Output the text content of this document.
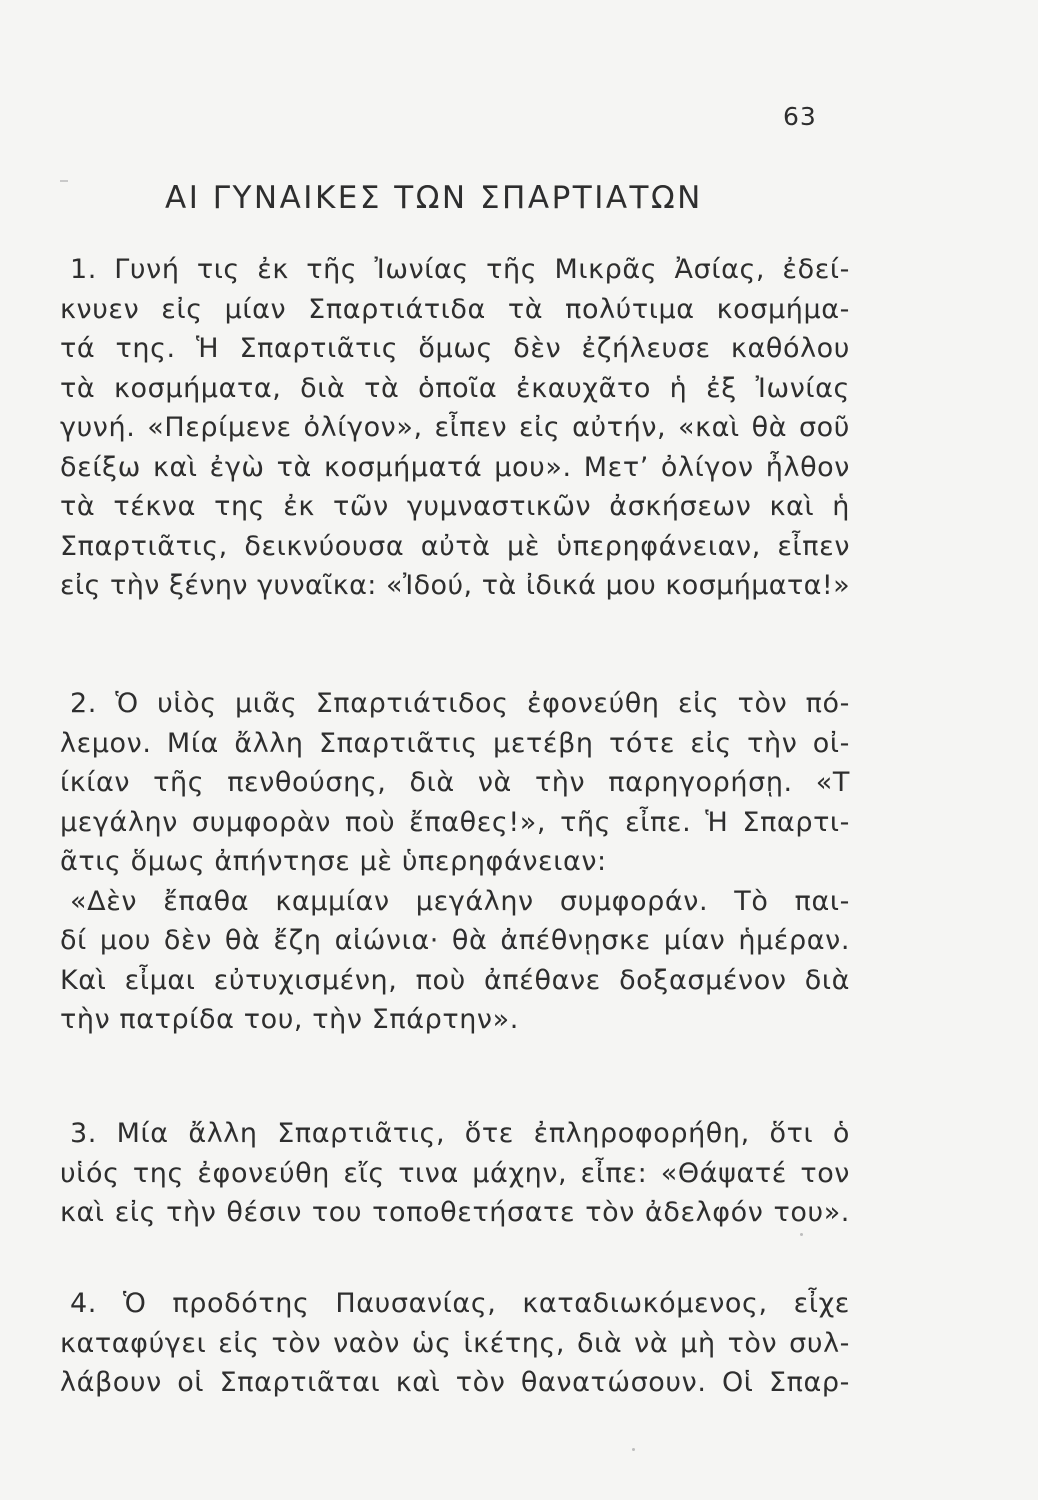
63
ΑΙ ΓΥΝΑΙΚΕΣ ΤΩΝ ΣΠΑΡΤΙΑΤΩΝ
1. Γυνή τις ἐκ τῆς Ἰωνίας τῆς Μικρᾶς Ἀσίας, ἐδεί-
κνυεν εἰς μίαν Σπαρτιάτιδα τὰ πολύτιμα κοσμήμα-
τά της. Ἡ Σπαρτιᾶτις ὅμως δὲν ἐζήλευσε καθόλου
τὰ κοσμήματα, διὰ τὰ ὁποῖα ἐκαυχᾶτο ἡ ἐξ Ἰωνίας
γυνή. «Περίμενε ὀλίγον», εἶπεν εἰς αὐτήν, «καὶ θὰ σοῦ
δείξω καὶ ἐγὼ τὰ κοσμήματά μου». Μετ’ ὀλίγον ἦλθον
τὰ τέκνα της ἐκ τῶν γυμναστικῶν ἀσκήσεων καὶ ἡ
Σπαρτιᾶτις, δεικνύουσα αὐτὰ μὲ ὑπερηφάνειαν, εἶπεν
εἰς τὴν ξένην γυναῖκα: «Ἰδού, τὰ ἰδικά μου κοσμήματα!»
2. Ὁ υἱὸς μιᾶς Σπαρτιάτιδος ἐφονεύθη εἰς τὸν πό-
λεμον. Μία ἄλλη Σπαρτιᾶτις μετέβη τότε εἰς τὴν οἰ-
ίκίαν τῆς πενθούσης, διὰ νὰ τὴν παρηγορήσῃ. «Τ
μεγάλην συμφορὰν ποὺ ἔπαθες!», τῆς εἶπε. Ἡ Σπαρτι-
ᾶτις ὅμως ἀπήντησε μὲ ὑπερηφάνειαν:
«Δὲν ἔπαθα καμμίαν μεγάλην συμφοράν. Τὸ παι-
δί μου δὲν θὰ ἔζη αἰώνια· θὰ ἀπέθνῃσκε μίαν ἡμέραν.
Καὶ εἶμαι εὐτυχισμένη, ποὺ ἀπέθανε δοξασμένον διὰ
τὴν πατρίδα του, τὴν Σπάρτην».
3. Μία ἄλλη Σπαρτιᾶτις, ὅτε ἐπληροφορήθη, ὅτι ὁ
υἱός της ἐφονεύθη εἴς τινα μάχην, εἶπε: «Θάψατέ τον
καὶ εἰς τὴν θέσιν του τοποθετήσατε τὸν ἀδελφόν του».
4. Ὁ προδότης Παυσανίας, καταδιωκόμενος, εἶχε
καταφύγει εἰς τὸν ναὸν ὡς ἱκέτης, διὰ νὰ μὴ τὸν συλ-
λάβουν οἱ Σπαρτιᾶται καὶ τὸν θανατώσουν. Οἱ Σπαρ-
